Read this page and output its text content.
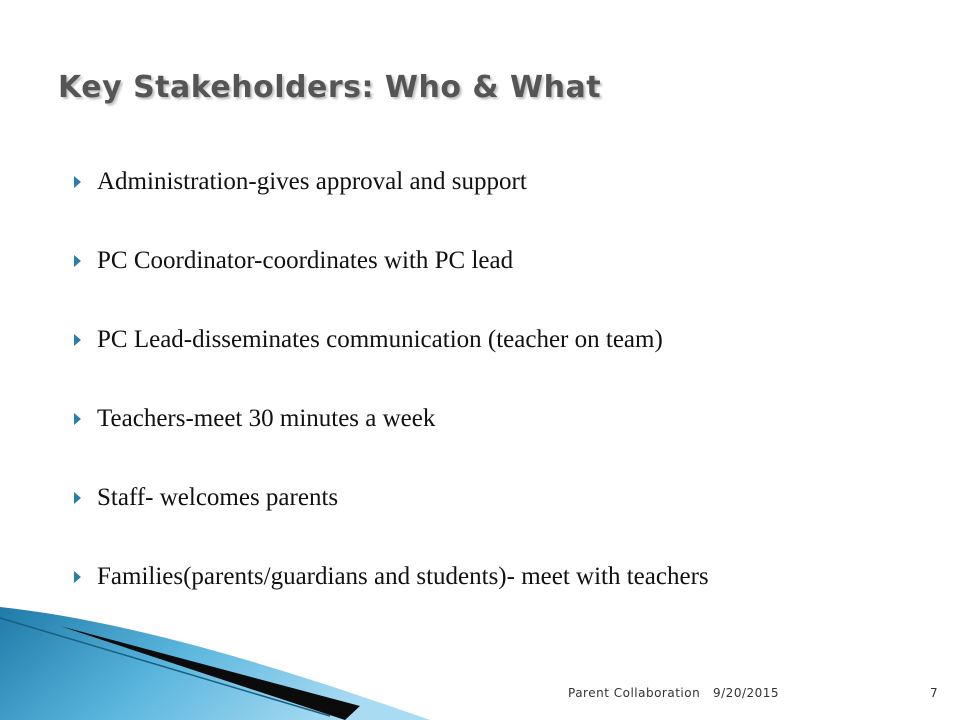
Key Stakeholders: Who & What
Administration-gives approval and support
PC Coordinator-coordinates with PC lead
PC Lead-disseminates communication (teacher on team)
Teachers-meet 30 minutes a week
Staff- welcomes parents
Families(parents/guardians and students)- meet with teachers
Parent Collaboration 9/20/2015	7
